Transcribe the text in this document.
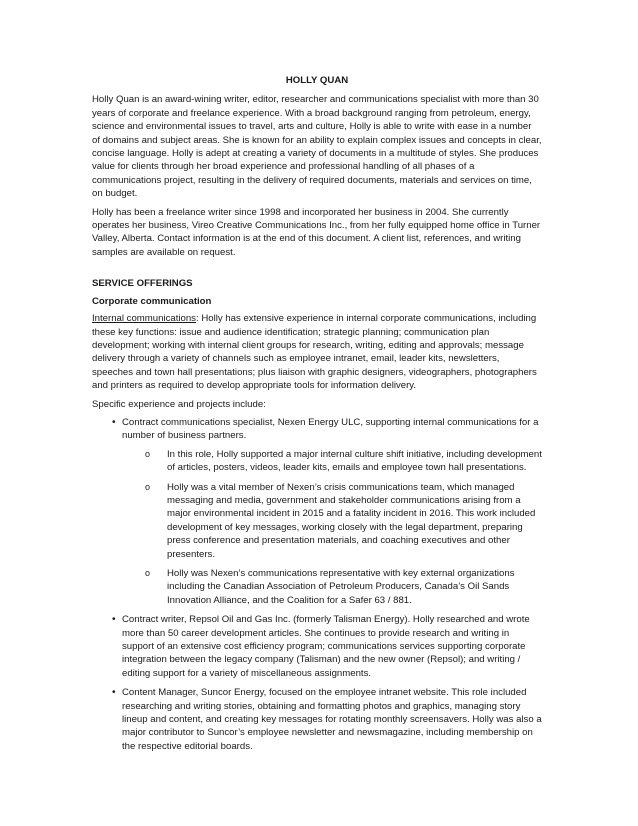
HOLLY QUAN

Holly Quan is an award-wining writer, editor, researcher and communications specialist with more than 30 years of corporate and freelance experience. With a broad background ranging from petroleum, energy, science and environmental issues to travel, arts and culture, Holly is able to write with ease in a number of domains and subject areas. She is known for an ability to explain complex issues and concepts in clear, concise language. Holly is adept at creating a variety of documents in a multitude of styles. She produces value for clients through her broad experience and professional handling of all phases of a communications project, resulting in the delivery of required documents, materials and services on time, on budget.

Holly has been a freelance writer since 1998 and incorporated her business in 2004. She currently operates her business, Vireo Creative Communications Inc., from her fully equipped home office in Turner Valley, Alberta. Contact information is at the end of this document. A client list, references, and writing samples are available on request.

SERVICE OFFERINGS
Corporate communication

Internal communications: Holly has extensive experience in internal corporate communications, including these key functions: issue and audience identification; strategic planning; communication plan development; working with internal client groups for research, writing, editing and approvals; message delivery through a variety of channels such as employee intranet, email, leader kits, newsletters, speeches and town hall presentations; plus liaison with graphic designers, videographers, photographers and printers as required to develop appropriate tools for information delivery.

Specific experience and projects include:

• Contract communications specialist, Nexen Energy ULC, supporting internal communications for a number of business partners.
o In this role, Holly supported a major internal culture shift initiative, including development of articles, posters, videos, leader kits, emails and employee town hall presentations.
o Holly was a vital member of Nexen’s crisis communications team, which managed messaging and media, government and stakeholder communications arising from a major environmental incident in 2015 and a fatality incident in 2016. This work included development of key messages, working closely with the legal department, preparing press conference and presentation materials, and coaching executives and other presenters.
o Holly was Nexen’s communications representative with key external organizations including the Canadian Association of Petroleum Producers, Canada’s Oil Sands Innovation Alliance, and the Coalition for a Safer 63 / 881.
• Contract writer, Repsol Oil and Gas Inc. (formerly Talisman Energy). Holly researched and wrote more than 50 career development articles. She continues to provide research and writing in support of an extensive cost efficiency program; communications services supporting corporate integration between the legacy company (Talisman) and the new owner (Repsol); and writing / editing support for a variety of miscellaneous assignments.
• Content Manager, Suncor Energy, focused on the employee intranet website. This role included researching and writing stories, obtaining and formatting photos and graphics, managing story lineup and content, and creating key messages for rotating monthly screensavers. Holly was also a major contributor to Suncor’s employee newsletter and newsmagazine, including membership on the respective editorial boards.
